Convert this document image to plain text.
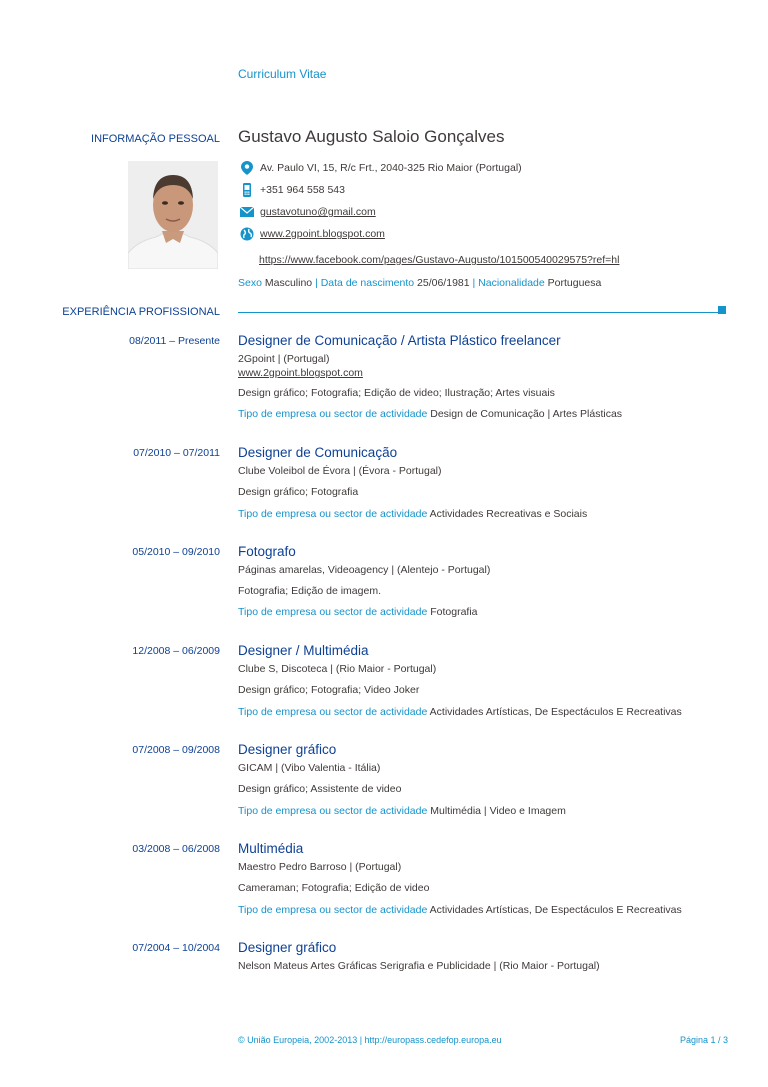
Curriculum Vitae
INFORMAÇÃO PESSOAL Gustavo Augusto Saloio Gonçalves
Av. Paulo VI, 15, R/c Frt., 2040-325 Rio Maior (Portugal)
+351 964 558 543
gustavotuno@gmail.com
www.2gpoint.blogspot.com
https://www.facebook.com/pages/Gustavo-Augusto/101500540029575?ref=hl
Sexo Masculino | Data de nascimento 25/06/1981 | Nacionalidade Portuguesa
EXPERIÊNCIA PROFISSIONAL
08/2011 – Presente Designer de Comunicação / Artista Plástico freelancer
2Gpoint | (Portugal)
www.2gpoint.blogspot.com
Design gráfico; Fotografia; Edição de video; Ilustração; Artes visuais
Tipo de empresa ou sector de actividade Design de Comunicação | Artes Plásticas
07/2010 – 07/2011 Designer de Comunicação
Clube Voleibol de Évora | (Évora - Portugal)
Design gráfico; Fotografia
Tipo de empresa ou sector de actividade Actividades Recreativas e Sociais
05/2010 – 09/2010 Fotografo
Páginas amarelas, Videoagency | (Alentejo - Portugal)
Fotografia; Edição de imagem.
Tipo de empresa ou sector de actividade Fotografia
12/2008 – 06/2009 Designer / Multimédia
Clube S, Discoteca | (Rio Maior - Portugal)
Design gráfico; Fotografia; Video Joker
Tipo de empresa ou sector de actividade Actividades Artísticas, De Espectáculos E Recreativas
07/2008 – 09/2008 Designer gráfico
GICAM | (Vibo Valentia - Itália)
Design gráfico; Assistente de video
Tipo de empresa ou sector de actividade Multimédia | Video e Imagem
03/2008 – 06/2008 Multimédia
Maestro Pedro Barroso | (Portugal)
Cameraman; Fotografia; Edição de video
Tipo de empresa ou sector de actividade Actividades Artísticas, De Espectáculos E Recreativas
07/2004 – 10/2004 Designer gráfico
Nelson Mateus Artes Gráficas Serigrafia e Publicidade | (Rio Maior - Portugal)
© União Europeia, 2002-2013 | http://europass.cedefop.europa.eu	Página 1 / 3
